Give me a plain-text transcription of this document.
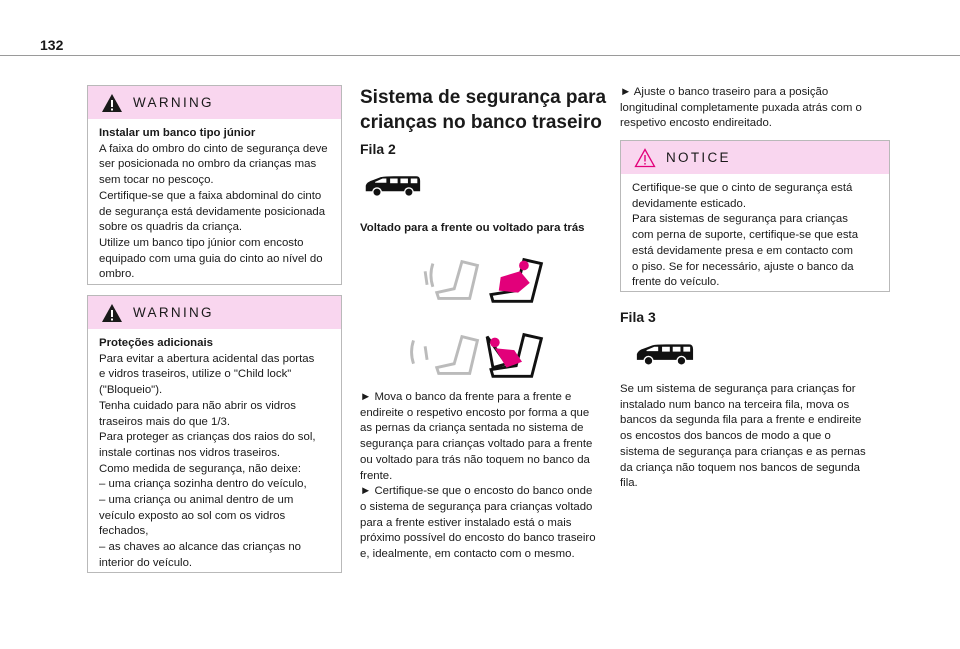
132
WARNING

Instalar um banco tipo júnior

A faixa do ombro do cinto de segurança deve

ser posicionada no ombro da crianças mas

sem tocar no pescoço.

Certifique-se que a faixa abdominal do cinto

de segurança está devidamente posicionada

sobre os quadris da criança.

Utilize um banco tipo júnior com encosto

equipado com uma guia do cinto ao nível do

ombro.

WARNING

Proteções adicionais

Para evitar a abertura acidental das portas

e vidros traseiros, utilize o "Child lock"

("Bloqueio").

Tenha cuidado para não abrir os vidros

traseiros mais do que 1/3.

Para proteger as crianças dos raios do sol,

instale cortinas nos vidros traseiros.

Como medida de segurança, não deixe:

– uma criança sozinha dentro do veículo,

– uma criança ou animal dentro de um

veículo exposto ao sol com os vidros

fechados,

– as chaves ao alcance das crianças no

interior do veículo.

Sistema de segurança para

crianças no banco traseiro

Fila 2

Voltado para a frente ou voltado para trás

► Mova o banco da frente para a frente e

endireite o respetivo encosto por forma a que

as pernas da criança sentada no sistema de

segurança para crianças voltado para a frente

ou voltado para trás não toquem no banco da

frente.

► Certifique-se que o encosto do banco onde

o sistema de segurança para crianças voltado

para a frente estiver instalado está o mais

próximo possível do encosto do banco traseiro

e, idealmente, em contacto com o mesmo.

► Ajuste o banco traseiro para a posição

longitudinal completamente puxada atrás com o

respetivo encosto endireitado.

NOTICE

Certifique-se que o cinto de segurança está

devidamente esticado.

Para sistemas de segurança para crianças

com perna de suporte, certifique-se que esta

está devidamente presa e em contacto com

o piso. Se for necessário, ajuste o banco da

frente do veículo.

Fila 3

Se um sistema de segurança para crianças for

instalado num banco na terceira fila, mova os

bancos da segunda fila para a frente e endireite

os encostos dos bancos de modo a que o

sistema de segurança para crianças e as pernas

da criança não toquem nos bancos de segunda

fila.
